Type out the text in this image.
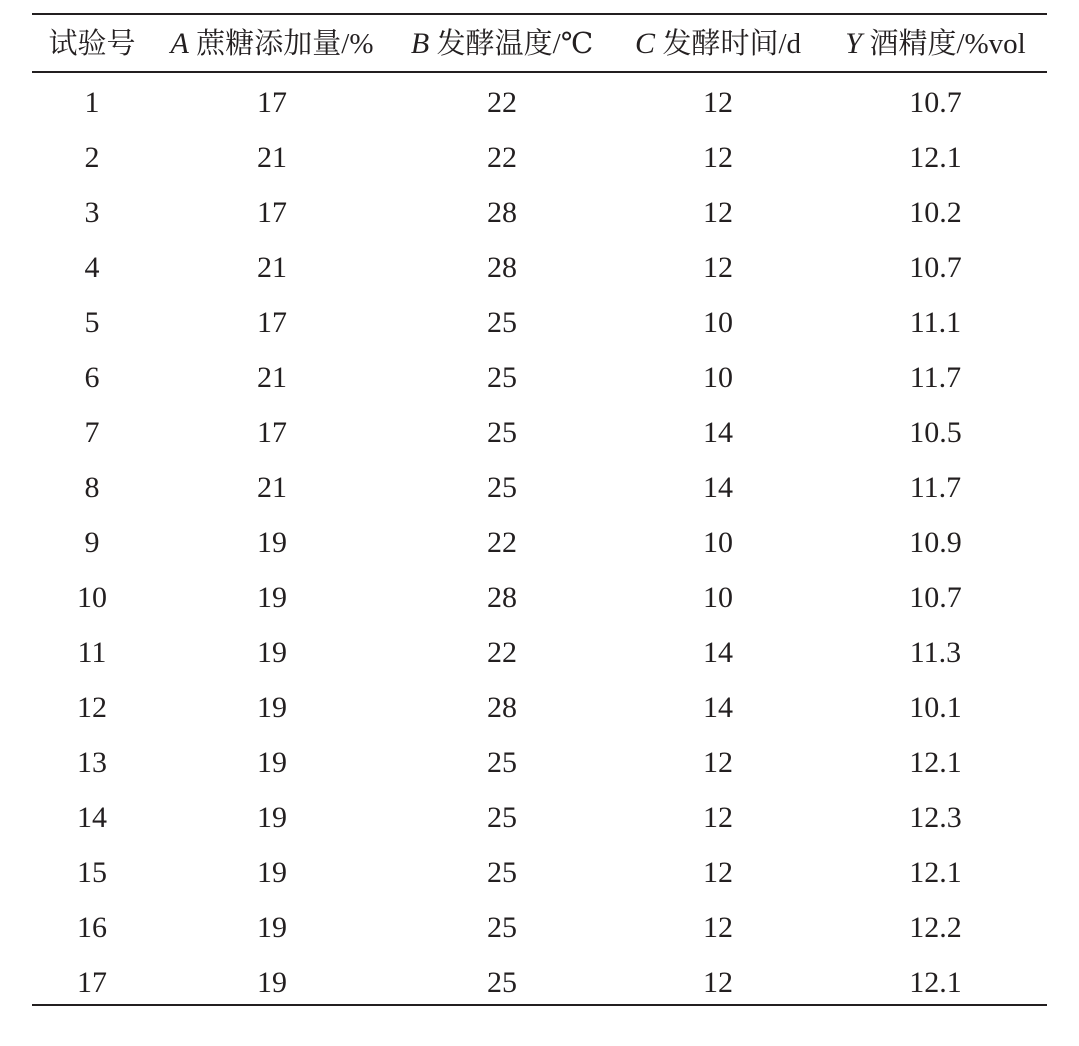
试验号	A 蔗糖添加量/%	B 发酵温度/℃	C 发酵时间/d	Y 酒精度/%vol
1	17	22	12	10.7
2	21	22	12	12.1
3	17	28	12	10.2
4	21	28	12	10.7
5	17	25	10	11.1
6	21	25	10	11.7
7	17	25	14	10.5
8	21	25	14	11.7
9	19	22	10	10.9
10	19	28	10	10.7
11	19	22	14	11.3
12	19	28	14	10.1
13	19	25	12	12.1
14	19	25	12	12.3
15	19	25	12	12.1
16	19	25	12	12.2
17	19	25	12	12.1
